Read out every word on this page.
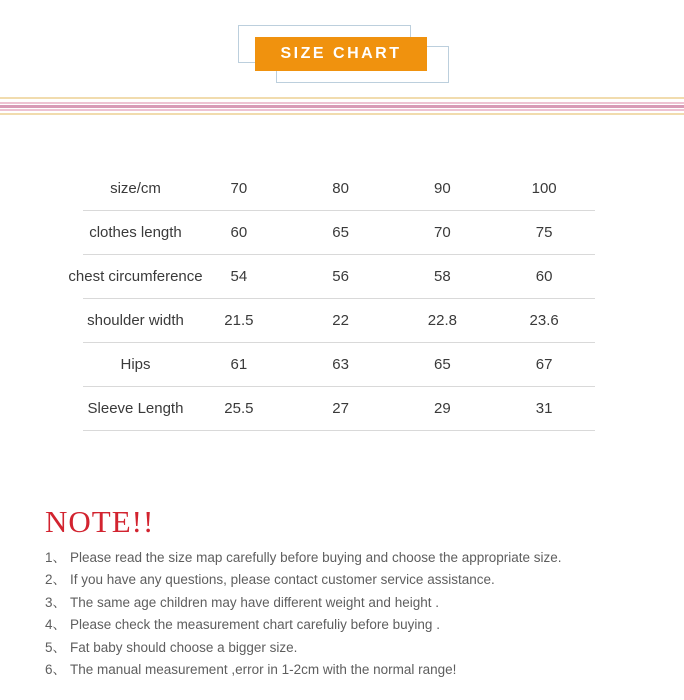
SIZE CHART
size/cm	70	80	90	100
clothes length	60	65	70	75
chest circumference	54	56	58	60
shoulder width	21.5	22	22.8	23.6
Hips	61	63	65	67
Sleeve Length	25.5	27	29	31
NOTE!!
1、 Please read the size map carefully before buying and choose the appropriate size.
2、 If you have any questions, please contact customer service assistance.
3、 The same age children may have different weight and height .
4、 Please check the measurement chart carefuliy before buying .
5、 Fat baby should choose a bigger size.
6、 The manual measurement ,error in 1-2cm with the normal range!
